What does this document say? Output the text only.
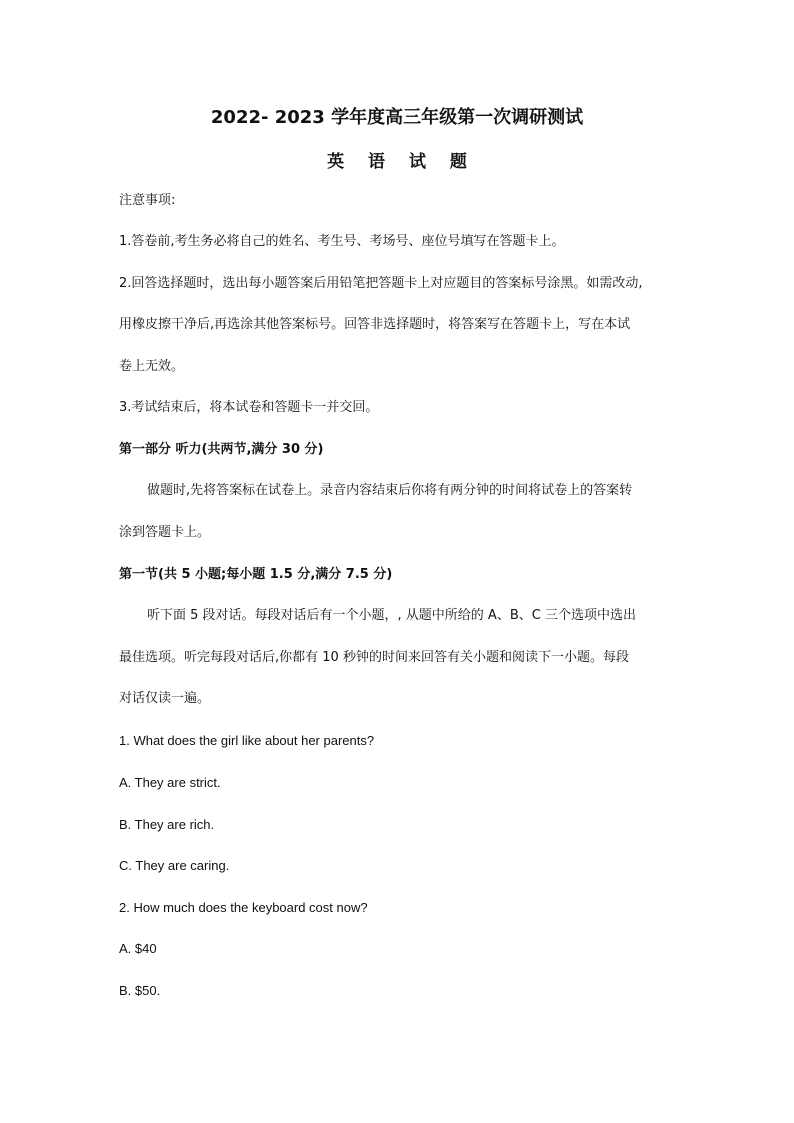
2022- 2023 学年度高三年级第一次调研测试
英 语 试 题
注意事项:
1.答卷前,考生务必将自己的姓名、考生号、考场号、座位号填写在答题卡上。
2.回答选择题时，选出每小题答案后用铅笔把答题卡上对应题目的答案标号涂黑。如需改动,
用橡皮擦干净后,再选涂其他答案标号。回答非选择题时，将答案写在答题卡上，写在本试
卷上无效。
3.考试结束后，将本试卷和答题卡一并交回。
第一部分 听力(共两节,满分 30 分)
做题时,先将答案标在试卷上。录音内容结束后你将有两分钟的时间将试卷上的答案转
涂到答题卡上。
第一节(共 5 小题;每小题 1.5 分,满分 7.5 分)
听下面 5 段对话。每段对话后有一个小题，, 从题中所给的 A、B、C 三个选项中选出
最佳选项。听完每段对话后,你都有 10 秒钟的时间来回答有关小题和阅读下一小题。每段
对话仅读一遍。
1. What does the girl like about her parents?
A. They are strict.
B. They are rich.
C. They are caring.
2. How much does the keyboard cost now?
A. $40
B. $50.
